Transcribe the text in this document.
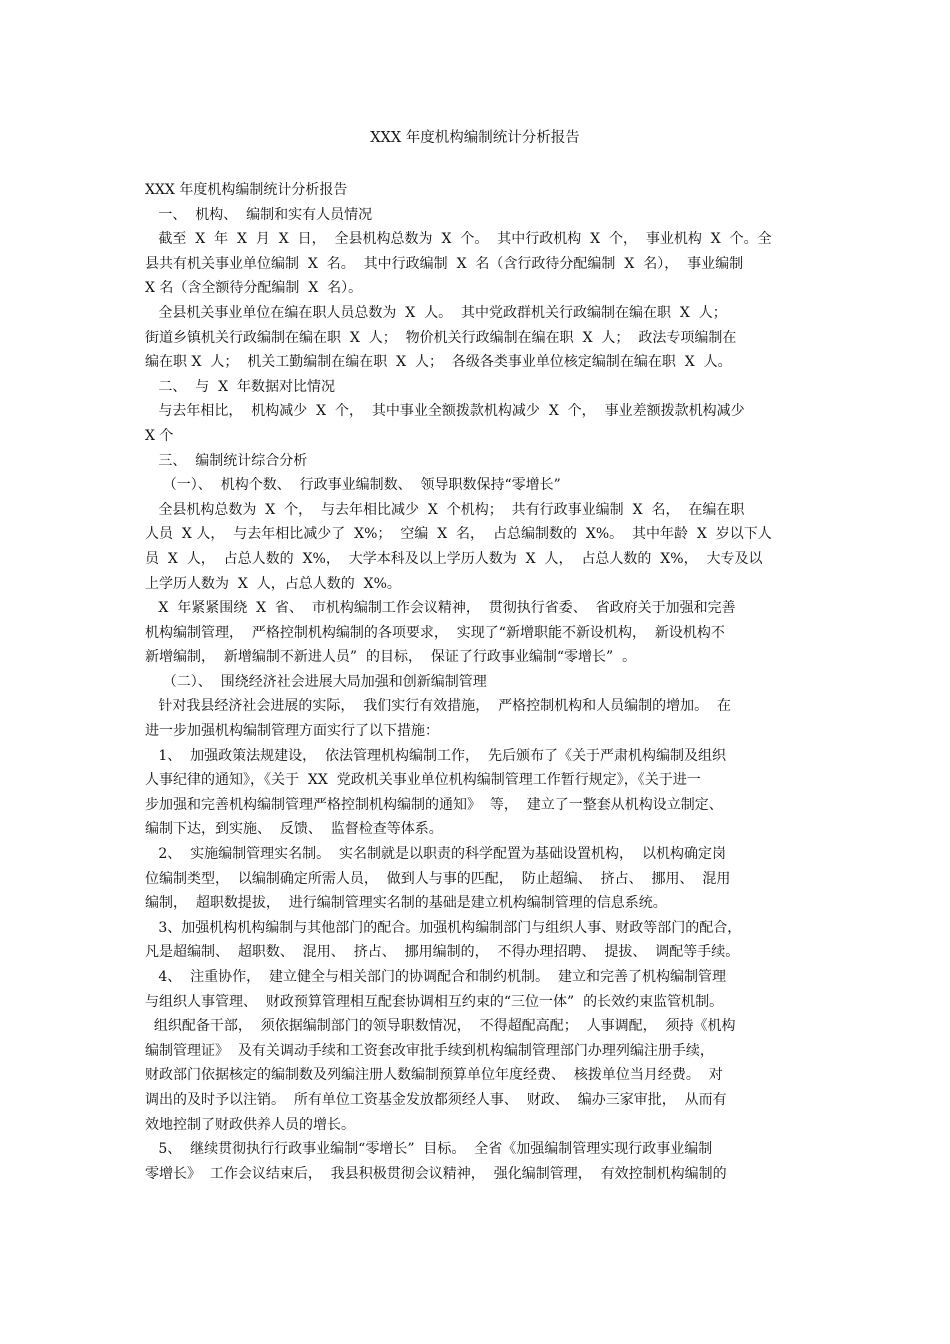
XXX 年度机构编制统计分析报告

XXX 年度机构编制统计分析报告

一、  机构、  编制和实有人员情况

截至  X  年  X  月  X  日，  全县机构总数为  X  个。  其中行政机构  X  个，  事业机构  X  个。全

县共有机关事业单位编制  X  名。  其中行政编制  X  名（含行政待分配编制  X  名），  事业编制

X 名（含全额待分配编制  X  名）。

全县机关事业单位在编在职人员总数为  X  人。  其中党政群机关行政编制在编在职  X  人；

街道乡镇机关行政编制在编在职  X  人；  物价机关行政编制在编在职  X  人；  政法专项编制在

编在职 X  人；  机关工勤编制在编在职  X  人；  各级各类事业单位核定编制在编在职  X  人。

二、  与  X  年数据对比情况

与去年相比，  机构减少  X  个，  其中事业全额拨款机构减少  X  个，  事业差额拨款机构减少

X 个

三、  编制统计综合分析

（一）、  机构个数、  行政事业编制数、  领导职数保持“零增长”

全县机构总数为  X  个，  与去年相比减少  X  个机构；  共有行政事业编制  X  名，  在编在职

人员  X 人，  与去年相比减少了  X%；  空编  X  名，  占总编制数的  X%。  其中年龄  X  岁以下人

员  X  人，  占总人数的  X%，  大学本科及以上学历人数为  X  人，  占总人数的  X%，  大专及以

上学历人数为  X  人，占总人数的  X%。

X  年紧紧围绕  X  省、  市机构编制工作会议精神，  贯彻执行省委、  省政府关于加强和完善

机构编制管理，  严格控制机构编制的各项要求，  实现了“新增职能不新设机构，  新设机构不

新增编制，  新增编制不新进人员”  的目标，  保证了行政事业编制“零增长”  。

（二）、  围绕经济社会进展大局加强和创新编制管理

针对我县经济社会进展的实际，  我们实行有效措施，  严格控制机构和人员编制的增加。  在

进一步加强机构编制管理方面实行了以下措施：

1、  加强政策法规建设，  依法管理机构编制工作，  先后颁布了《关于严肃机构编制及组织

人事纪律的通知》，《关于  XX  党政机关事业单位机构编制管理工作暂行规定》，《关于进一

步加强和完善机构编制管理严格控制机构编制的通知》  等，  建立了一整套从机构设立制定、

编制下达，到实施、  反馈、  监督检查等体系。

2、  实施编制管理实名制。  实名制就是以职责的科学配置为基础设置机构，  以机构确定岗

位编制类型，  以编制确定所需人员，  做到人与事的匹配，  防止超编、  挤占、  挪用、  混用

编制，  超职数提拔，  进行编制管理实名制的基础是建立机构编制管理的信息系统。

3、加强机构机构编制与其他部门的配合。加强机构编制部门与组织人事、财政等部门的配合，

凡是超编制、  超职数、  混用、  挤占、  挪用编制的，  不得办理招聘、  提拔、  调配等手续。

4、  注重协作，  建立健全与相关部门的协调配合和制约机制。  建立和完善了机构编制管理

与组织人事管理、  财政预算管理相互配套协调相互约束的“三位一体”  的长效约束监管机制。

组织配备干部，  须依据编制部门的领导职数情况，  不得超配高配；  人事调配，  须持《机构

编制管理证》  及有关调动手续和工资套改审批手续到机构编制管理部门办理列编注册手续，

财政部门依据核定的编制数及列编注册人数编制预算单位年度经费、  核拨单位当月经费。  对

调出的及时予以注销。  所有单位工资基金发放都须经人事、  财政、  编办三家审批，  从而有

效地控制了财政供养人员的增长。

5、  继续贯彻执行行政事业编制“零增长”  目标。  全省《加强编制管理实现行政事业编制

零增长》  工作会议结束后，  我县积极贯彻会议精神，  强化编制管理，  有效控制机构编制的
